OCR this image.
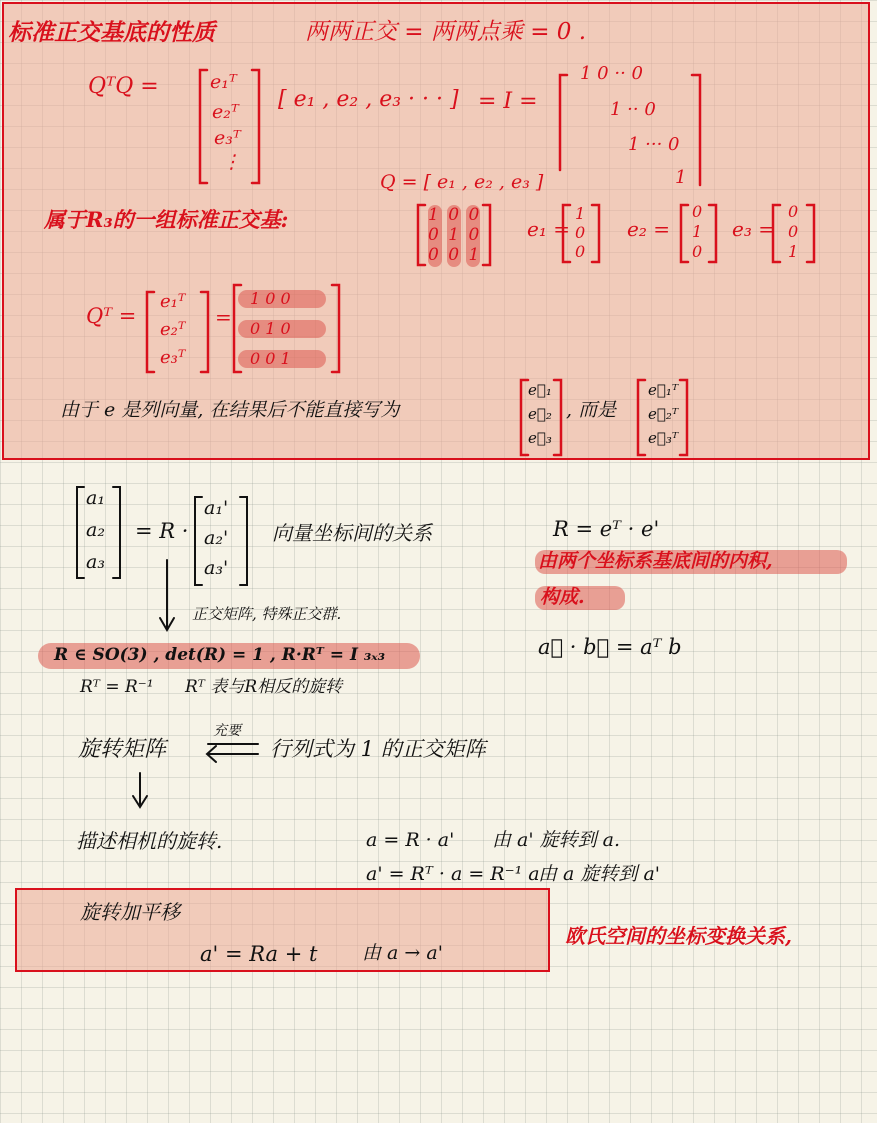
标准正交基底的性质	两两正交 = 两两点乘 = 0 .
QᵀQ =	e₁ᵀ
e₂ᵀ
e₃ᵀ
⋮
[ e₁ , e₂ , e₃ · · · ] = I =
1 0 ·· 0
1 ·· 0
1 ··· 0
1
Q = [ e₁ , e₂ , e₃ ]
属于R₃的一组标准正交基:	1 0 0
0 1 0
0 0 1
e₁ =
1
0
0
e₂ =
0
1
0
e₃ =
0
0
1
Qᵀ =
e₁ᵀ
e₂ᵀ
e₃ᵀ
=
1 0 0
0 1 0
0 0 1
由于 e 是列向量, 在结果后不能直接写为
e⃗₁
e⃗₂
e⃗₃
, 而是
e⃗₁ᵀ
e⃗₂ᵀ
e⃗₃ᵀ
a₁
a₂
a₃
= R ·
a₁'
a₂'
a₃'
向量坐标间的关系	R = eᵀ · e'
由两个坐标系基底间的内积,
构成.
a⃗ · b⃗ = aᵀ b
正交矩阵, 特殊正交群.
R ∈ SO(3) , det(R) = 1 , R·Rᵀ = I ₃ₓ₃
Rᵀ = R⁻¹ Rᵀ 表与R相反的旋转
旋转矩阵
充要
行列式为 1 的正交矩阵
描述相机的旋转.	a = R · a' 由 a' 旋转到 a.
a' = Rᵀ · a = R⁻¹ a
由 a 旋转到 a'
旋转加平移
a' = Ra + t 由 a → a'
欧氏空间的坐标变换关系,
